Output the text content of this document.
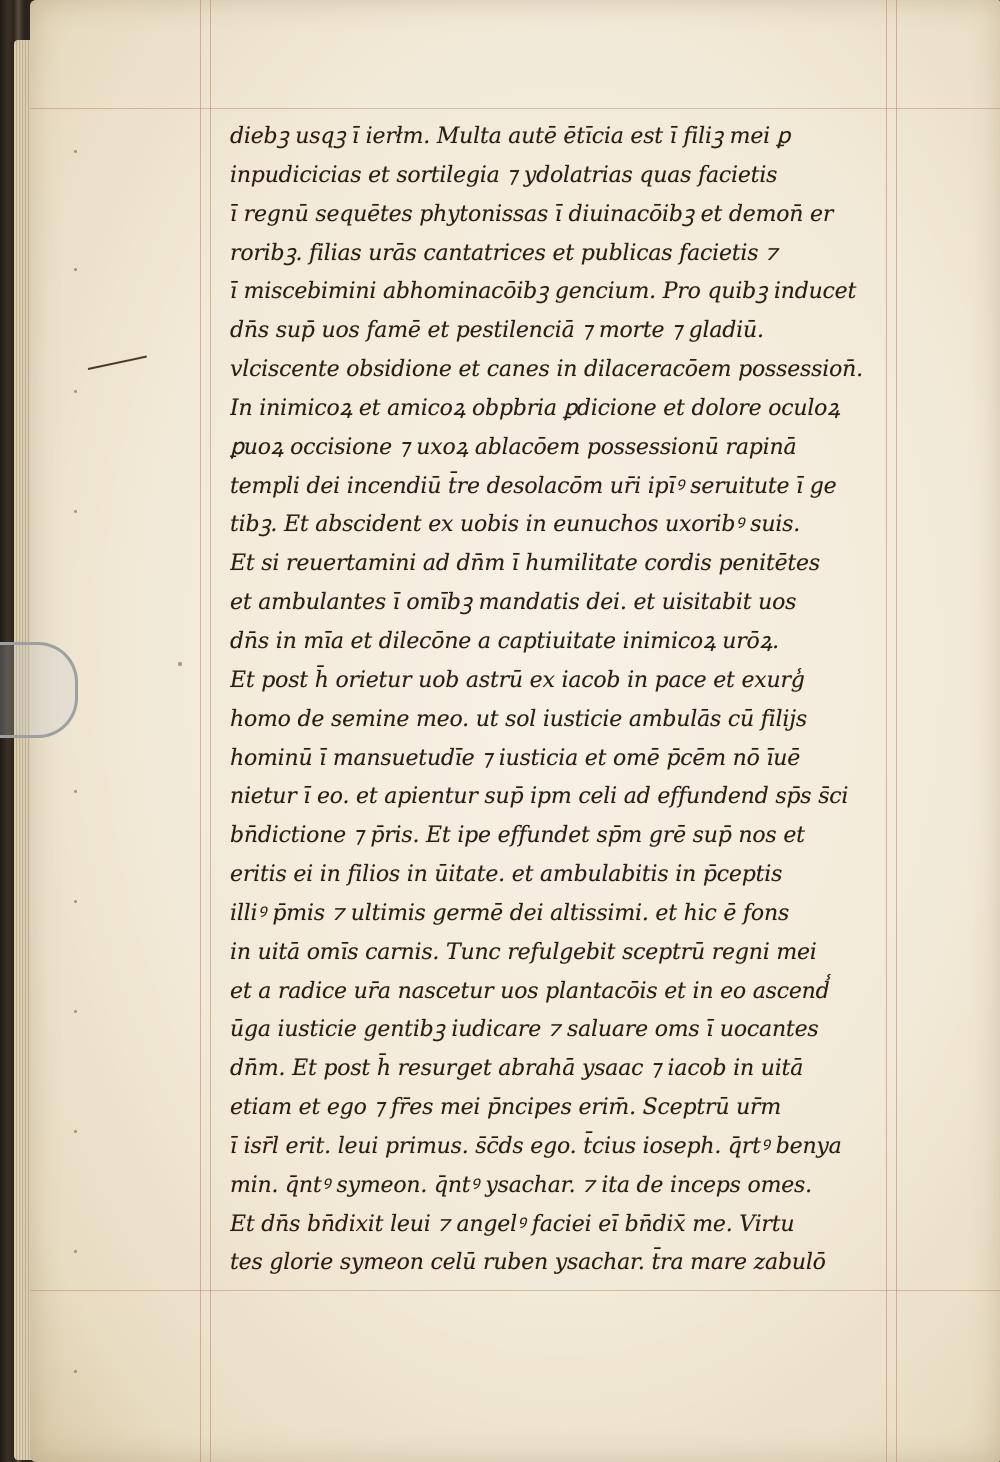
diebꝫ usqꝫ ī ierłm. Multa autē ētīcia est ī filiꝫ mei ꝑ
inpudicicias et sortilegia ⁊ ydolatrias quas facietis
ī regnū sequētes phytonissas ī diuinacōibꝫ et demon̄ er
roribꝫ. filias urās cantatrices et publicas facietis ⁊
ī miscebimini abhominacōibꝫ gencium. Pro quibꝫ inducet
dn̄s sup̄ uos famē et pestilenciā ⁊ morte ⁊ gladiū.
vlciscente obsidione et canes in dilaceracōem possession̄.
In inimicoꝝ et amicoꝝ obpbria ꝑdicione et dolore oculoꝝ
ꝑuoꝝ occisione ⁊ uxoꝝ ablacōem possessionū rapinā
templi dei incendiū t̄re desolacōm ur̄i ipīꝰ seruitute ī ge
tibꝫ. Et abscident ex uobis in eunuchos uxoribꝰ suis.
Et si reuertamini ad dn̄m ī humilitate cordis penitētes
et ambulantes ī omībꝫ mandatis dei. et uisitabit uos
dn̄s in mīa et dilecōne a captiuitate inimicoꝝ urōꝝ.
Et post h̄ orietur uob astrū ex iacob in pace et exurg̾
homo de semine meo. ut sol iusticie ambulās cū filijs
hominū ī mansuetudīe ⁊ iusticia et omē p̄cēm nō īuē
nietur ī eo. et apientur sup̄ ipm celi ad effundend sp̄s s̄ci
bn̄dictione ⁊ p̄ris. Et ipe effundet sp̄m grē sup̄ nos et
eritis ei in filios in ūitate. et ambulabitis in p̄ceptis
illiꝰ p̄mis ⁊ ultimis germē dei altissimi. et hic ē fons
in uitā omīs carnis. Tunc refulgebit sceptrū regni mei
et a radice ur̄a nascetur uos plantacōis et in eo ascend̾
ūga iusticie gentibꝫ iudicare ⁊ saluare oms ī uocantes
dn̄m. Et post h̄ resurget abrahā ysaac ⁊ iacob in uitā
etiam et ego ⁊ fr̄es mei p̄ncipes erim̄. Sceptrū ur̄m
ī isr̄l erit. leui primus. s̄c̄ds ego. t̄cius ioseph. q̄rtꝰ benya
min. q̄ntꝰ symeon. q̄ntꝰ ysachar. ⁊ ita de inceps omes.
Et dn̄s bn̄dixit leui ⁊ angelꝰ faciei eī bn̄dix̄ me. Virtu
tes glorie symeon celū ruben ysachar. t̄ra mare zabulō
